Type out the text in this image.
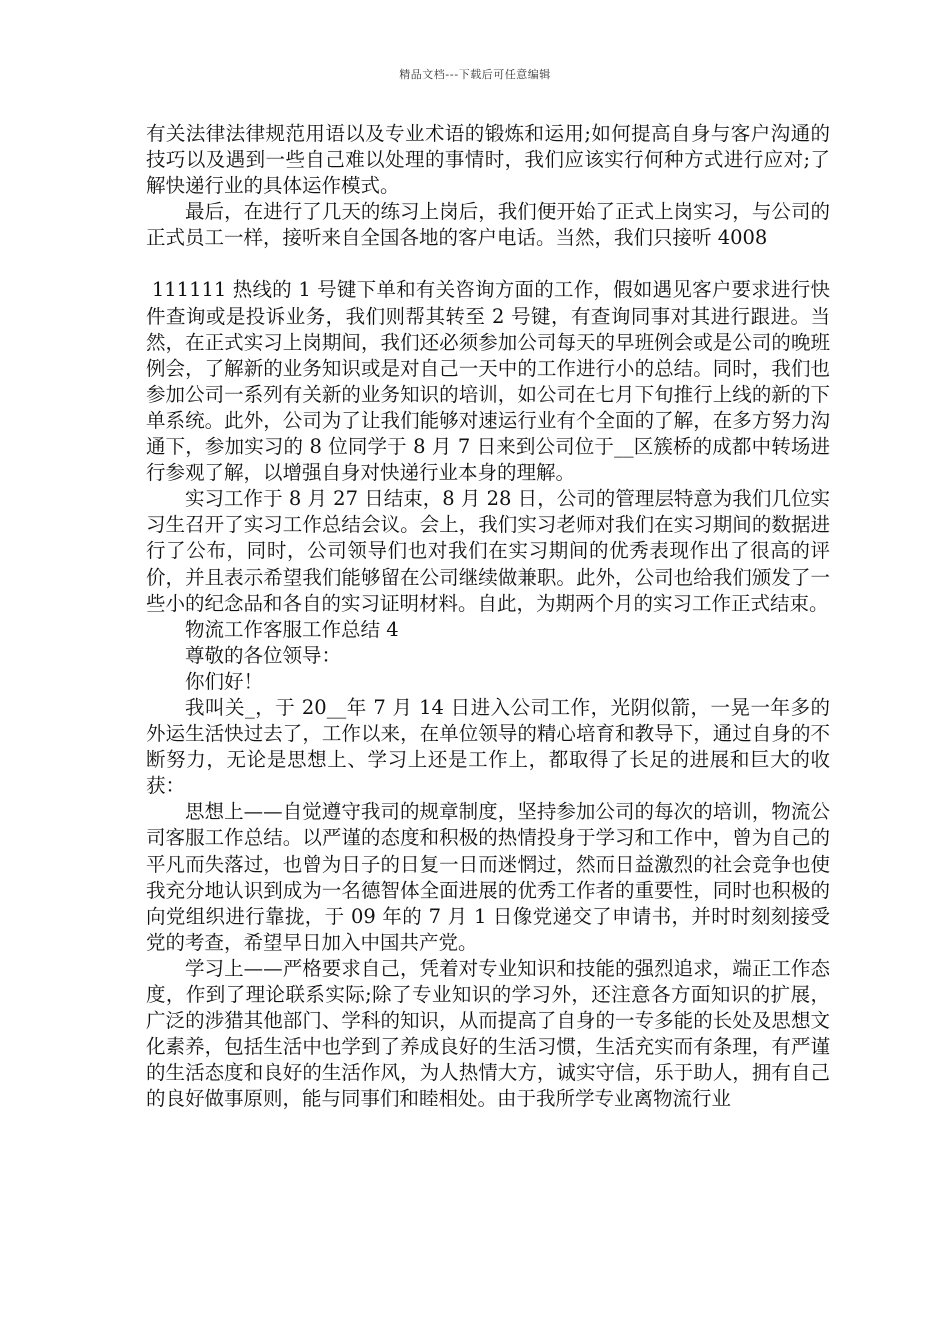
精品文档---下载后可任意编辑

有关法律法律规范用语以及专业术语的锻炼和运用;如何提高自身与客户沟通的技巧以及遇到一些自己难以处理的事情时，我们应该实行何种方式进行应对;了解快递行业的具体运作模式。

最后，在进行了几天的练习上岗后，我们便开始了正式上岗实习，与公司的正式员工一样，接听来自全国各地的客户电话。当然，我们只接听 4008

111111 热线的 1 号键下单和有关咨询方面的工作，假如遇见客户要求进行快件查询或是投诉业务，我们则帮其转至 2 号键，有查询同事对其进行跟进。当然，在正式实习上岗期间，我们还必须参加公司每天的早班例会或是公司的晚班例会，了解新的业务知识或是对自己一天中的工作进行小的总结。同时，我们也参加公司一系列有关新的业务知识的培训，如公司在七月下旬推行上线的新的下单系统。此外，公司为了让我们能够对速运行业有个全面的了解，在多方努力沟通下，参加实习的 8 位同学于 8 月 7 日来到公司位于__区簇桥的成都中转场进行参观了解，以增强自身对快递行业本身的理解。

实习工作于 8 月 27 日结束，8 月 28 日，公司的管理层特意为我们几位实习生召开了实习工作总结会议。会上，我们实习老师对我们在实习期间的数据进行了公布，同时，公司领导们也对我们在实习期间的优秀表现作出了很高的评价，并且表示希望我们能够留在公司继续做兼职。此外，公司也给我们颁发了一些小的纪念品和各自的实习证明材料。自此，为期两个月的实习工作正式结束。

物流工作客服工作总结 4

尊敬的各位领导：

你们好！

我叫关_，于 20__年 7 月 14 日进入公司工作，光阴似箭，一晃一年多的外运生活快过去了，工作以来，在单位领导的精心培育和教导下，通过自身的不断努力，无论是思想上、学习上还是工作上，都取得了长足的进展和巨大的收获：

思想上——自觉遵守我司的规章制度，坚持参加公司的每次的培训，物流公司客服工作总结。以严谨的态度和积极的热情投身于学习和工作中，曾为自己的平凡而失落过，也曾为日子的日复一日而迷惘过，然而日益激烈的社会竞争也使我充分地认识到成为一名德智体全面进展的优秀工作者的重要性，同时也积极的向党组织进行靠拢，于 09 年的 7 月 1 日像党递交了申请书，并时时刻刻接受党的考查，希望早日加入中国共产党。

学习上——严格要求自己，凭着对专业知识和技能的强烈追求，端正工作态度，作到了理论联系实际;除了专业知识的学习外，还注意各方面知识的扩展，广泛的涉猎其他部门、学科的知识，从而提高了自身的一专多能的长处及思想文化素养，包括生活中也学到了养成良好的生活习惯，生活充实而有条理，有严谨的生活态度和良好的生活作风，为人热情大方，诚实守信，乐于助人，拥有自己的良好做事原则，能与同事们和睦相处。由于我所学专业离物流行业
